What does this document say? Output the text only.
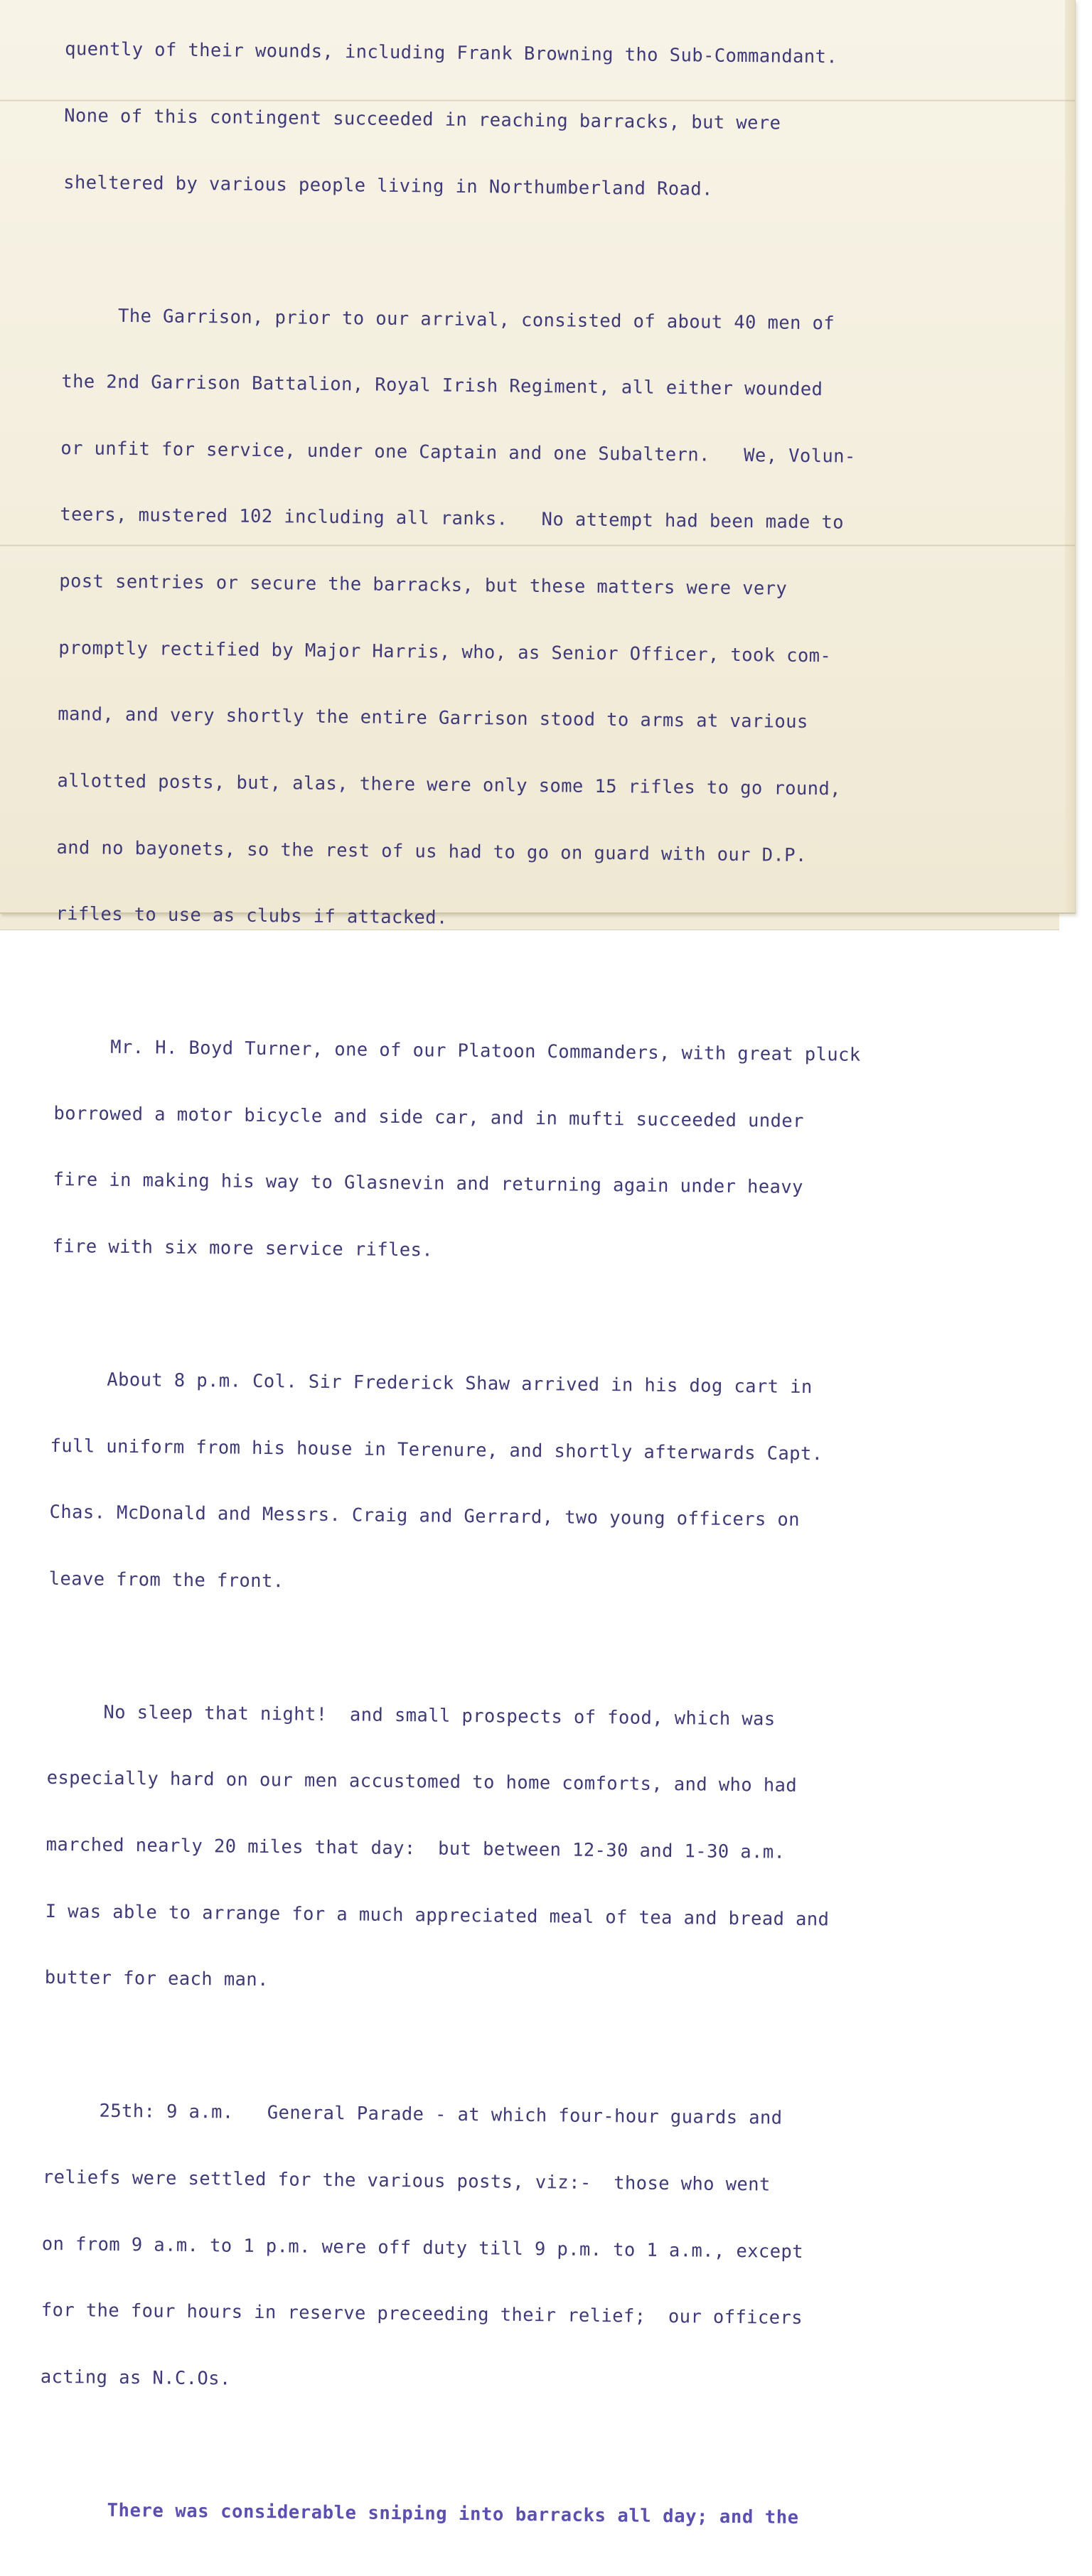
quently of their wounds, including Frank Browning tho Sub-Commandant.

None of this contingent succeeded in reaching barracks, but were

sheltered by various people living in Northumberland Road.

The Garrison, prior to our arrival, consisted of about 40 men of

the 2nd Garrison Battalion, Royal Irish Regiment, all either wounded

or unfit for service, under one Captain and one Subaltern.   We, Volun-

teers, mustered 102 including all ranks.   No attempt had been made to

post sentries or secure the barracks, but these matters were very

promptly rectified by Major Harris, who, as Senior Officer, took com-

mand, and very shortly the entire Garrison stood to arms at various

allotted posts, but, alas, there were only some 15 rifles to go round,

and no bayonets, so the rest of us had to go on guard with our D.P.

rifles to use as clubs if attacked.

Mr. H. Boyd Turner, one of our Platoon Commanders, with great pluck

borrowed a motor bicycle and side car, and in mufti succeeded under

fire in making his way to Glasnevin and returning again under heavy

fire with six more service rifles.

About 8 p.m. Col. Sir Frederick Shaw arrived in his dog cart in

full uniform from his house in Terenure, and shortly afterwards Capt.

Chas. McDonald and Messrs. Craig and Gerrard, two young officers on

leave from the front.

No sleep that night!  and small prospects of food, which was

especially hard on our men accustomed to home comforts, and who had

marched nearly 20 miles that day:  but between 12-30 and 1-30 a.m.

I was able to arrange for a much appreciated meal of tea and bread and

butter for each man.

25th: 9 a.m.   General Parade - at which four-hour guards and

reliefs were settled for the various posts, viz:-  those who went

on from 9 a.m. to 1 p.m. were off duty till 9 p.m. to 1 a.m., except

for the four hours in reserve preceeding their relief;  our officers

acting as N.C.Os.

There was considerable sniping into barracks all day; and the
